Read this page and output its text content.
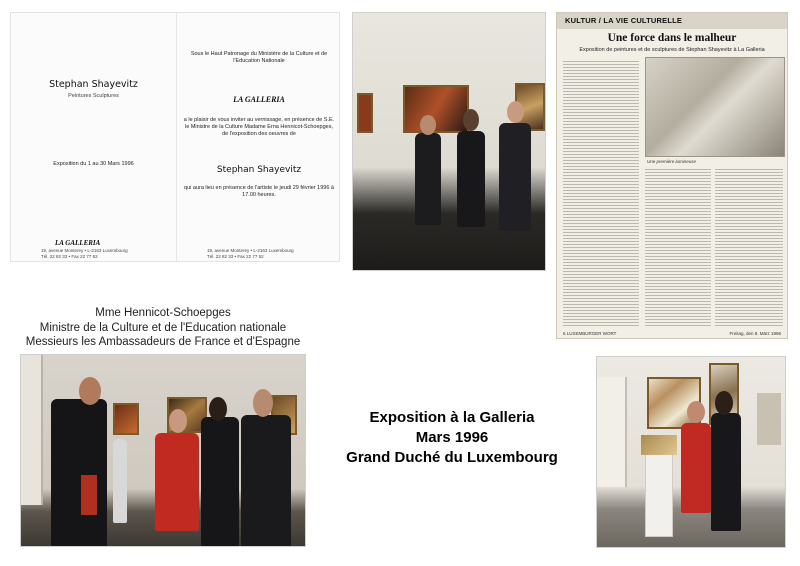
Stephan Shayevitz
Peintures Sculptures
Exposition du 1 au 30 Mars 1996
LA GALLERIA
19, avenue Monterey • L-2163 Luxembourg
Tél. 22 82 33 • Fax 22 77 52
Sous le Haut Patronage du Ministère de la Culture et de l'Education Nationale
LA GALLERIA
a le plaisir de vous inviter au vernissage, en présence de S.E. le Ministre de la Culture Madame Erna Hennicot-Schoepges, de l'exposition des oeuvres de
Stephan Shayevitz
qui aura lieu en présence de l'artiste le jeudi 29 février 1996 à 17.00 heures.
19, avenue Monterey • L-2163 Luxembourg
Tél. 22 82 33 • Fax 22 77 52
KULTUR / LA VIE CULTURELLE
Une force dans le malheur
Exposition de peintures et de sculptures de Stephan Shayevitz à La Galleria
Une première lumineuse
6 LUXEMBURGER WORT	Freitag, den 8. März 1996
Mme Hennicot-Schoepges
Ministre de la Culture et de l'Education nationale
Messieurs les Ambassadeurs de France et d'Espagne
Exposition à la Galleria
Mars 1996
Grand Duché du Luxembourg
